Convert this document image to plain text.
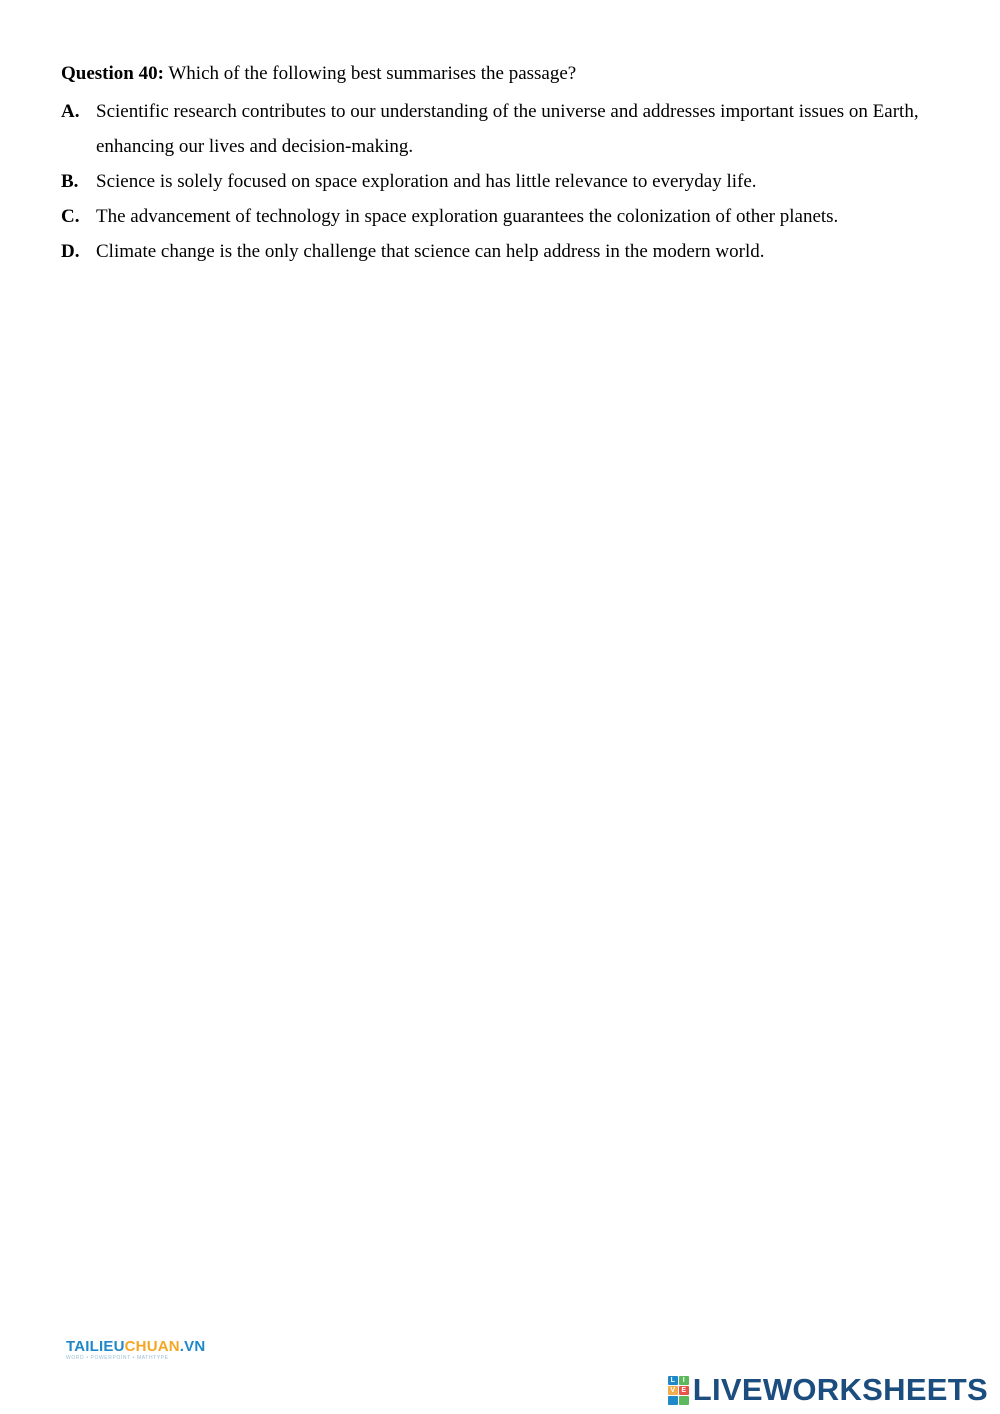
Question 40: Which of the following best summarises the passage?

A. Scientific research contributes to our understanding of the universe and addresses important issues on Earth, enhancing our lives and decision-making.
B. Science is solely focused on space exploration and has little relevance to everyday life.
C. The advancement of technology in space exploration guarantees the colonization of other planets.
D. Climate change is the only challenge that science can help address in the modern world.
TAILIEUCHUAN.VN
WORD • POWERPOINT • MATHTYPE
L	I
V E LIVEWORKSHEETS
